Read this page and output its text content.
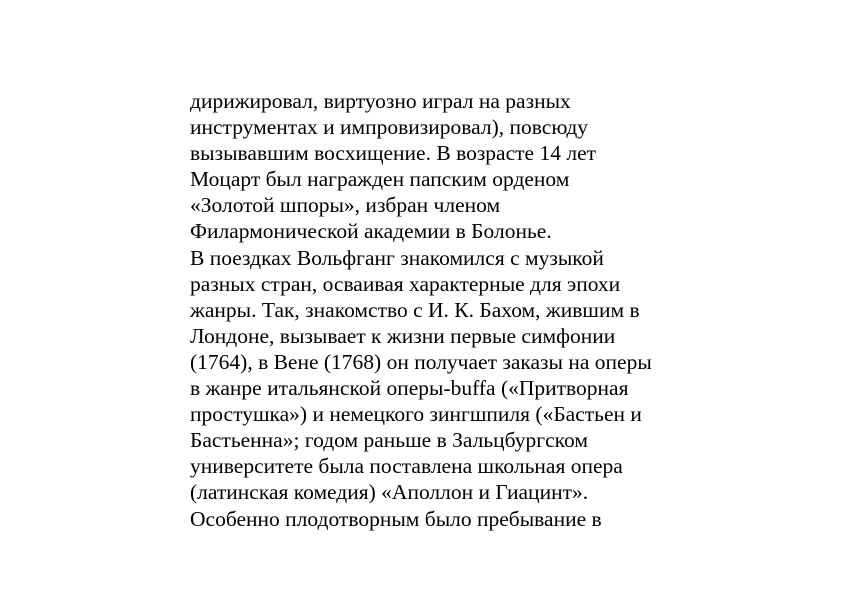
дирижировал, виртуозно играл на разных
инструментах и импровизировал), повсюду
вызывавшим восхищение. В возрасте 14 лет
Моцарт был награжден папским орденом
«Золотой шпоры», избран членом
Филармонической академии в Болонье.
В поездках Вольфганг знакомился с музыкой
разных стран, осваивая характерные для эпохи
жанры. Так, знакомство с И. К. Бахом, жившим в
Лондоне, вызывает к жизни первые симфонии
(1764), в Вене (1768) он получает заказы на оперы
в жанре итальянской оперы-buffa («Притворная
простушка») и немецкого зингшпиля («Бастьен и
Бастьенна»; годом раньше в Зальцбургском
университете была поставлена школьная опера
(латинская комедия) «Аполлон и Гиацинт».
Особенно плодотворным было пребывание в
